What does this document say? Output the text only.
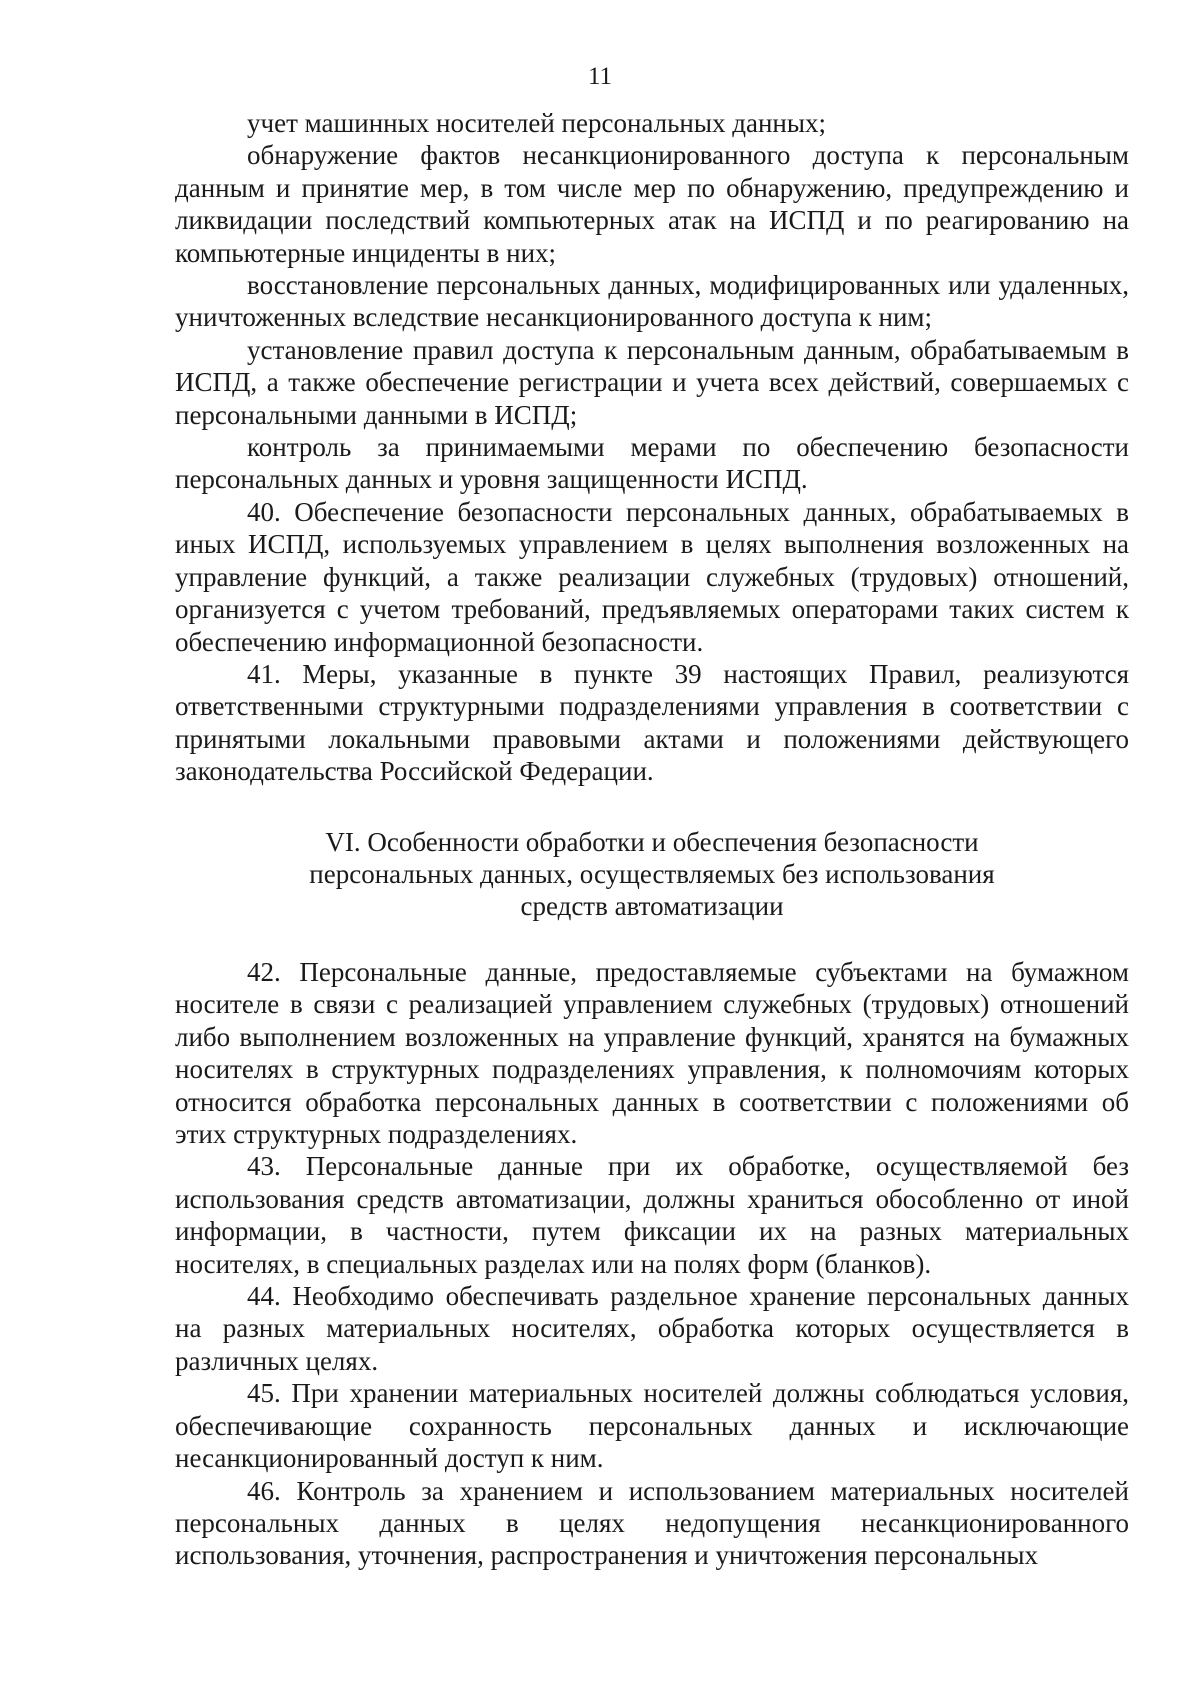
11

учет машинных носителей персональных данных;

обнаружение фактов несанкционированного доступа к персональным данным и принятие мер, в том числе мер по обнаружению, предупреждению и ликвидации последствий компьютерных атак на ИСПД и по реагированию на компьютерные инциденты в них;

восстановление персональных данных, модифицированных или удаленных, уничтоженных вследствие несанкционированного доступа к ним;

установление правил доступа к персональным данным, обрабатываемым в ИСПД, а также обеспечение регистрации и учета всех действий, совершаемых с персональными данными в ИСПД;

контроль за принимаемыми мерами по обеспечению безопасности персональных данных и уровня защищенности ИСПД.

40. Обеспечение безопасности персональных данных, обрабатываемых в иных ИСПД, используемых управлением в целях выполнения возложенных на управление функций, а также реализации служебных (трудовых) отношений, организуется с учетом требований, предъявляемых операторами таких систем к обеспечению информационной безопасности.

41. Меры, указанные в пункте 39 настоящих Правил, реализуются ответственными структурными подразделениями управления в соответствии с принятыми локальными правовыми актами и положениями действующего законодательства Российской Федерации.

VI. Особенности обработки и обеспечения безопасности
персональных данных, осуществляемых без использования
средств автоматизации

42. Персональные данные, предоставляемые субъектами на бумажном носителе в связи с реализацией управлением служебных (трудовых) отношений либо выполнением возложенных на управление функций, хранятся на бумажных носителях в структурных подразделениях управления, к полномочиям которых относится обработка персональных данных в соответствии с положениями об этих структурных подразделениях.

43. Персональные данные при их обработке, осуществляемой без использования средств автоматизации, должны храниться обособленно от иной информации, в частности, путем фиксации их на разных материальных носителях, в специальных разделах или на полях форм (бланков).

44. Необходимо обеспечивать раздельное хранение персональных данных на разных материальных носителях, обработка которых осуществляется в различных целях.

45. При хранении материальных носителей должны соблюдаться условия, обеспечивающие сохранность персональных данных и исключающие несанкционированный доступ к ним.

46. Контроль за хранением и использованием материальных носителей персональных данных в целях недопущения несанкционированного использования, уточнения, распространения и уничтожения персональных
